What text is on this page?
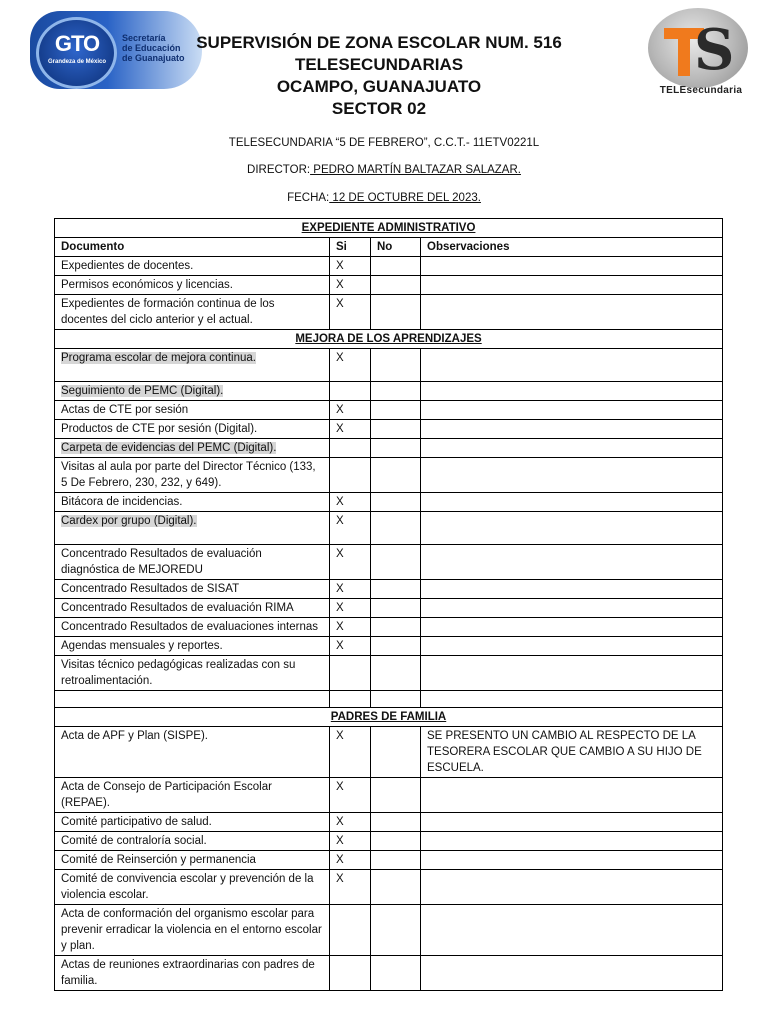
GTO
Grandeza de México
Secretaría
de Educación
de Guanajuato	S
TELEsecundaria
SUPERVISIÓN DE ZONA ESCOLAR NUM. 516
TELESECUNDARIAS
OCAMPO, GUANAJUATO
SECTOR 02
TELESECUNDARIA “5 DE FEBRERO”, C.C.T.- 11ETV0221L
DIRECTOR: PEDRO MARTÍN BALTAZAR SALAZAR.
FECHA: 12 DE OCTUBRE DEL 2023.
EXPEDIENTE ADMINISTRATIVO			
Documento	Si	No	Observaciones
Expedientes de docentes.	X		
Permisos económicos y licencias.	X		
Expedientes de formación continua de los docentes del ciclo anterior y el actual.	X		
MEJORA DE LOS APRENDIZAJES			
Programa escolar de mejora continua.	X		
Seguimiento de PEMC (Digital).			
Actas de CTE por sesión	X		
Productos de CTE por sesión (Digital).	X		
Carpeta de evidencias del PEMC (Digital).			
Visitas al aula por parte del Director Técnico (133, 5 De Febrero, 230, 232, y 649).			
Bitácora de incidencias.	X		
Cardex por grupo (Digital).	X		
Concentrado Resultados de evaluación diagnóstica de MEJOREDU	X		
Concentrado Resultados de SISAT	X		
Concentrado Resultados de evaluación RIMA	X		
Concentrado Resultados de evaluaciones internas	X		
Agendas mensuales y reportes.	X		
Visitas técnico pedagógicas realizadas con su retroalimentación.			

PADRES DE FAMILIA			
Acta de APF y Plan (SISPE).	X		SE PRESENTO UN CAMBIO AL RESPECTO DE LA TESORERA ESCOLAR QUE CAMBIO A SU HIJO DE ESCUELA.
Acta de Consejo de Participación Escolar (REPAE).	X		
Comité participativo de salud.	X		
Comité de contraloría social.	X		
Comité de Reinserción y permanencia	X		
Comité de convivencia escolar y prevención de la violencia escolar.	X		
Acta de conformación del organismo escolar para prevenir erradicar la violencia en el entorno escolar y plan.			
Actas de reuniones extraordinarias con padres de familia.			
